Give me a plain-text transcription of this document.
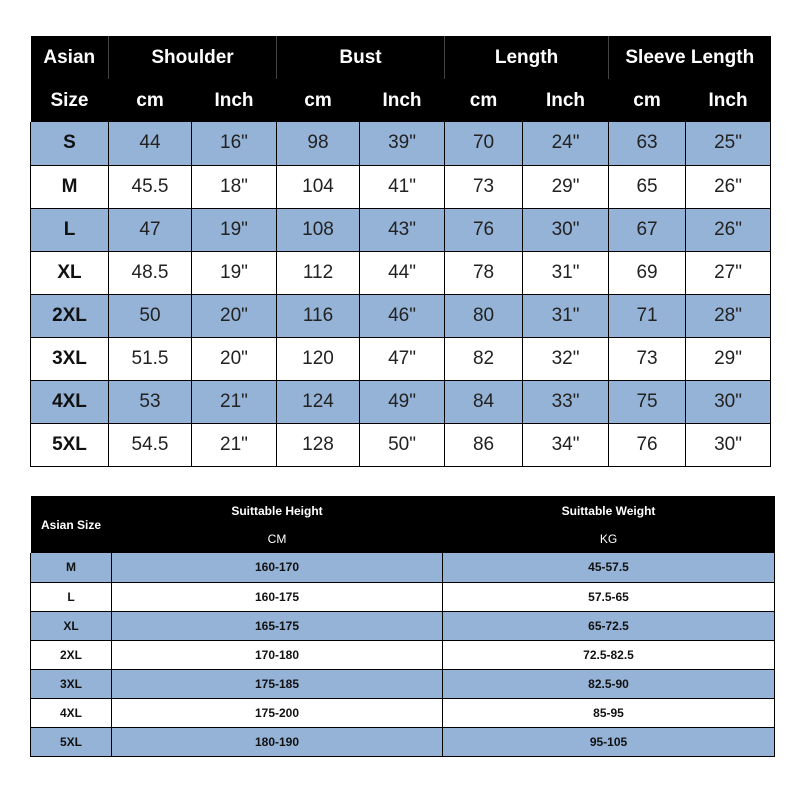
Asian	Shoulder		Bust		Length		Sleeve Length	
Size	cm	Inch	cm	Inch	cm	Inch	cm	Inch
S	44	16"	98	39"	70	24"	63	25"
M	45.5	18"	104	41"	73	29"	65	26"
L	47	19"	108	43"	76	30"	67	26"
XL	48.5	19"	112	44"	78	31"	69	27"
2XL	50	20"	116	46"	80	31"	71	28"
3XL	51.5	20"	120	47"	82	32"	73	29"
4XL	53	21"	124	49"	84	33"	75	30"
5XL	54.5	21"	128	50"	86	34"	76	30"
Asian Size	Suittable Height	Suittable Weight
	CM	KG
M	160-170	45-57.5
L	160-175	57.5-65
XL	165-175	65-72.5
2XL	170-180	72.5-82.5
3XL	175-185	82.5-90
4XL	175-200	85-95
5XL	180-190	95-105
